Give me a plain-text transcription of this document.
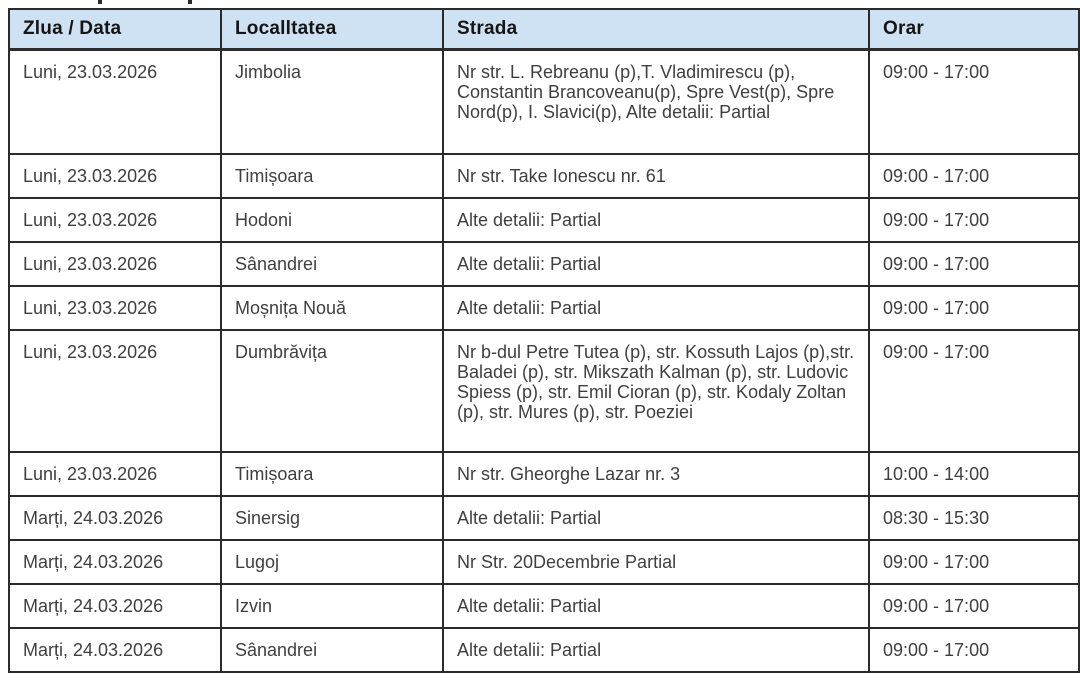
Zlua / Data	Localltatea	Strada	Orar
Luni, 23.03.2026	Jimbolia	Nr str. L. Rebreanu (p),T. Vladimirescu (p), Constantin Brancoveanu(p), Spre Vest(p), Spre Nord(p), I. Slavici(p), Alte detalii: Partial	09:00 - 17:00
Luni, 23.03.2026	Timișoara	Nr str. Take Ionescu nr. 61	09:00 - 17:00
Luni, 23.03.2026	Hodoni	Alte detalii: Partial	09:00 - 17:00
Luni, 23.03.2026	Sânandrei	Alte detalii: Partial	09:00 - 17:00
Luni, 23.03.2026	Moșnița Nouă	Alte detalii: Partial	09:00 - 17:00
Luni, 23.03.2026	Dumbrăvița	Nr b-dul Petre Tutea (p), str. Kossuth Lajos (p),str. Baladei (p), str. Mikszath Kalman (p), str. Ludovic Spiess (p), str. Emil Cioran (p), str. Kodaly Zoltan (p), str. Mures (p), str. Poeziei	09:00 - 17:00
Luni, 23.03.2026	Timișoara	Nr str. Gheorghe Lazar nr. 3	10:00 - 14:00
Marți, 24.03.2026	Sinersig	Alte detalii: Partial	08:30 - 15:30
Marți, 24.03.2026	Lugoj	Nr Str. 20Decembrie Partial	09:00 - 17:00
Marți, 24.03.2026	Izvin	Alte detalii: Partial	09:00 - 17:00
Marți, 24.03.2026	Sânandrei	Alte detalii: Partial	09:00 - 17:00
